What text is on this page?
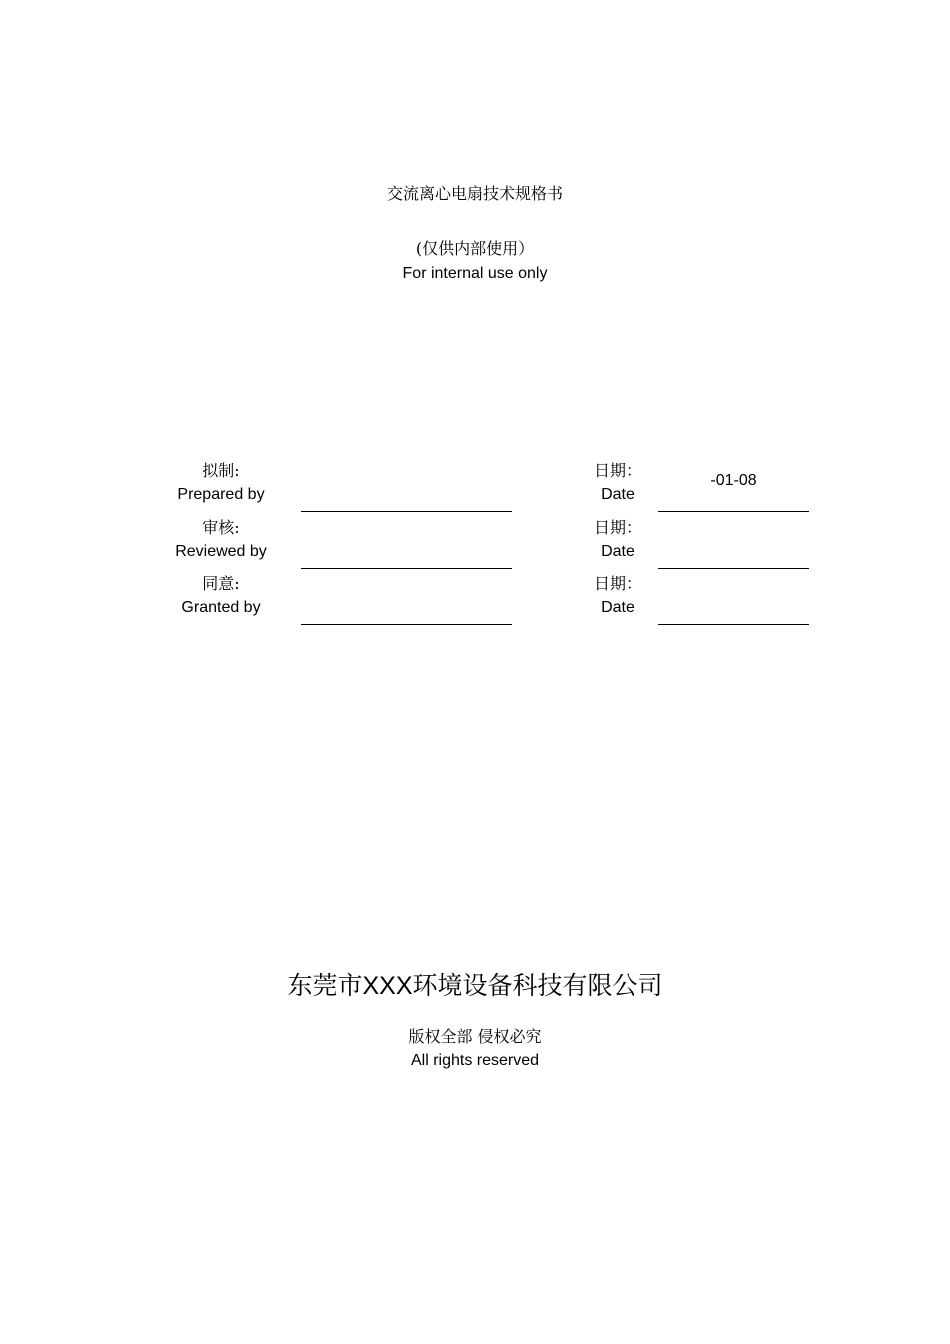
交流离心电扇技术规格书
(仅供内部使用）
For internal use only
拟制:
Prepared by
日期：
Date
-01-08
审核:
Reviewed by
日期：
Date
同意:
Granted by
日期：
Date
东莞市XXX环境设备科技有限公司
版权全部 侵权必究
All rights reserved
